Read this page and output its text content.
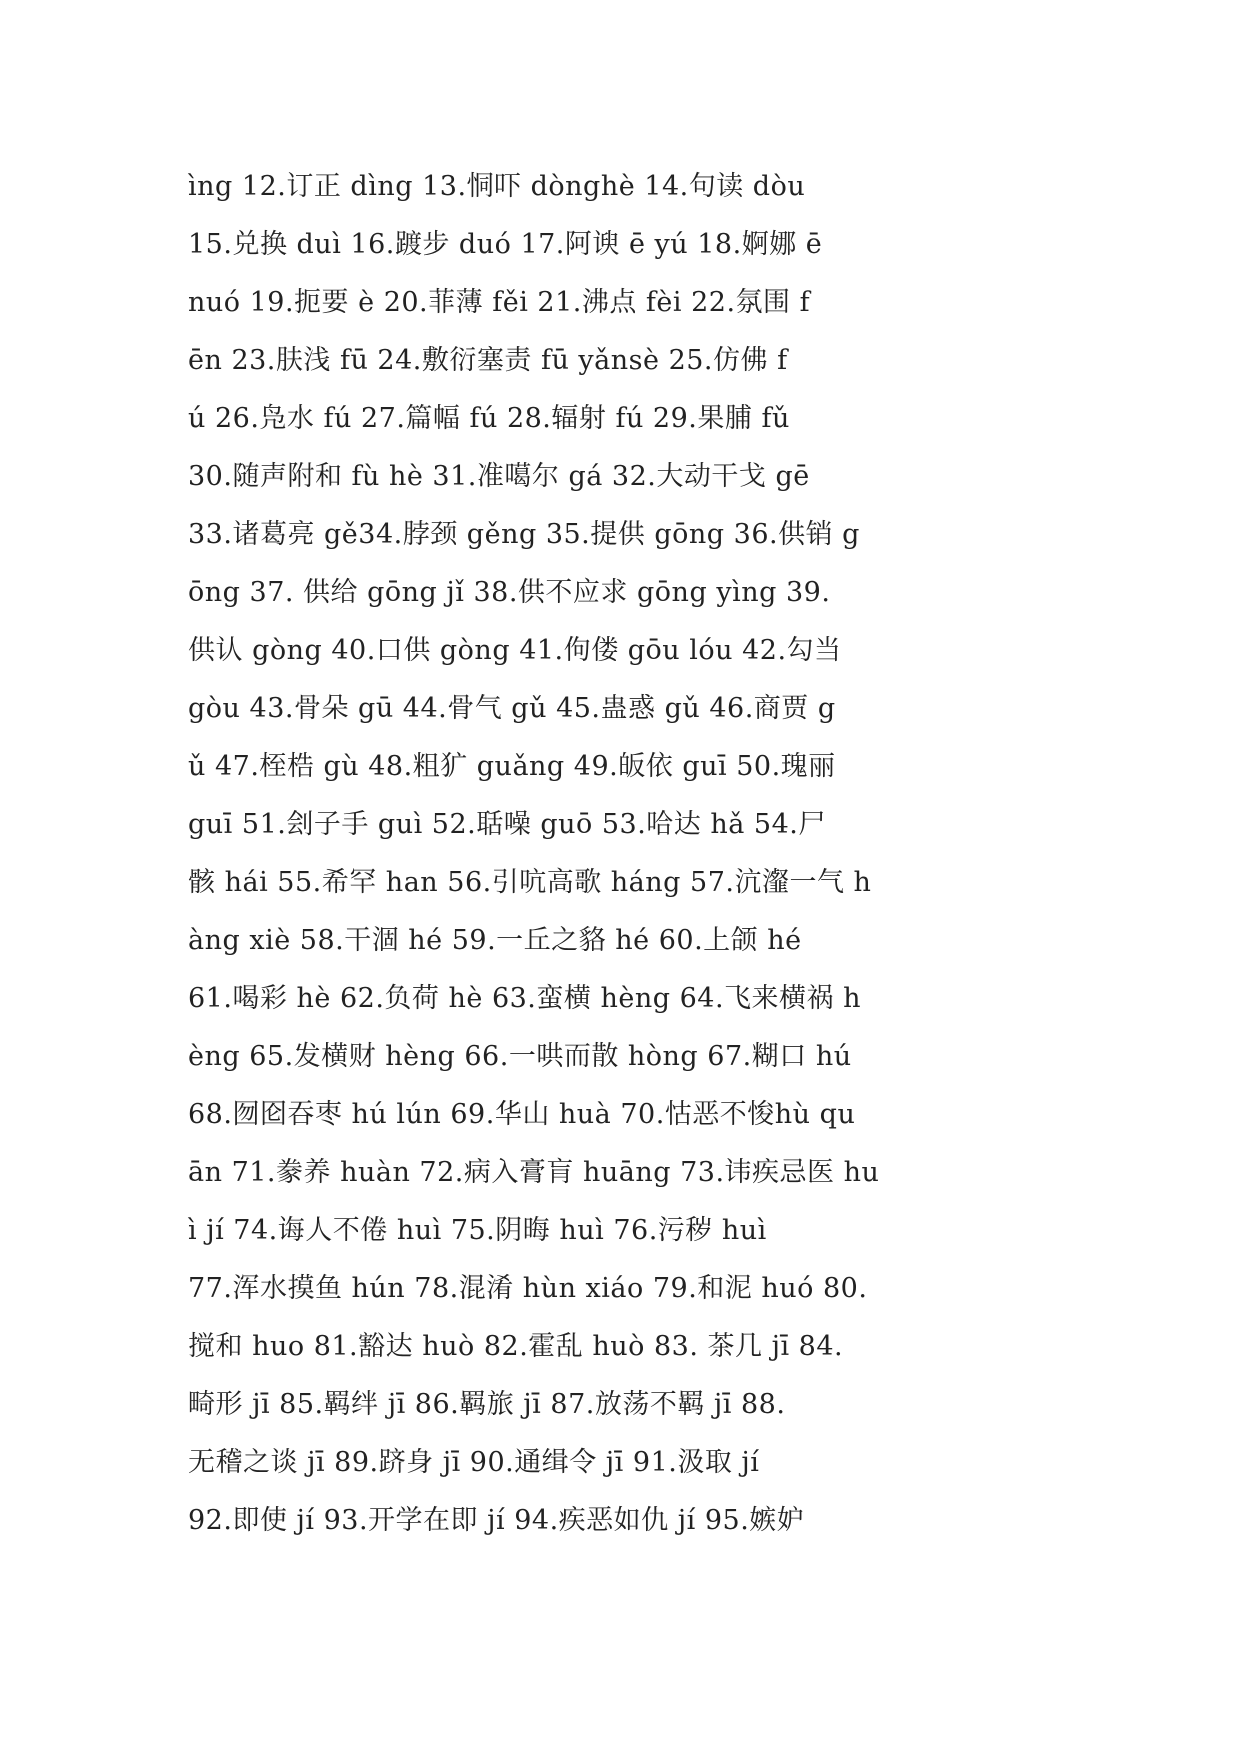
ìng 12.订正 dìng 13.恫吓 dònghè 14.句读 dòu
15.兑换 duì 16.踱步 duó 17.阿谀 ē yú 18.婀娜 ē
nuó 19.扼要 è 20.菲薄 fěi 21.沸点 fèi 22.氛围 f
ēn 23.肤浅 fū 24.敷衍塞责 fū yǎnsè 25.仿佛 f
ú 26.凫水 fú 27.篇幅 fú 28.辐射 fú 29.果脯 fǔ
30.随声附和 fù hè 31.准噶尔 gá 32.大动干戈 gē
33.诸葛亮 gě34.脖颈 gěng 35.提供 gōng 36.供销 g
ōng 37. 供给 gōng jǐ 38.供不应求 gōng yìng 39.
供认 gòng 40.口供 gòng 41.佝偻 gōu lóu 42.勾当
gòu 43.骨朵 gū 44.骨气 gǔ 45.蛊惑 gǔ 46.商贾 g
ǔ 47.桎梏 gù 48.粗犷 guǎng 49.皈依 guī 50.瑰丽
guī 51.刽子手 guì 52.聒噪 guō 53.哈达 hǎ 54.尸
骸 hái 55.希罕 han 56.引吭高歌 háng 57.沆瀣一气 h
àng xiè 58.干涸 hé 59.一丘之貉 hé 60.上颌 hé
61.喝彩 hè 62.负荷 hè 63.蛮横 hèng 64.飞来横祸 h
èng 65.发横财 hèng 66.一哄而散 hòng 67.糊口 hú
68.囫囵吞枣 hú lún 69.华山 huà 70.怙恶不悛hù qu
ān 71.豢养 huàn 72.病入膏肓 huāng 73.讳疾忌医 hu
ì jí 74.诲人不倦 huì 75.阴晦 huì 76.污秽 huì
77.浑水摸鱼 hún 78.混淆 hùn xiáo 79.和泥 huó 80.
搅和 huo 81.豁达 huò 82.霍乱 huò 83. 茶几 jī 84.
畸形 jī 85.羁绊 jī 86.羁旅 jī 87.放荡不羁 jī 88.
无稽之谈 jī 89.跻身 jī 90.通缉令 jī 91.汲取 jí
92.即使 jí 93.开学在即 jí 94.疾恶如仇 jí 95.嫉妒
